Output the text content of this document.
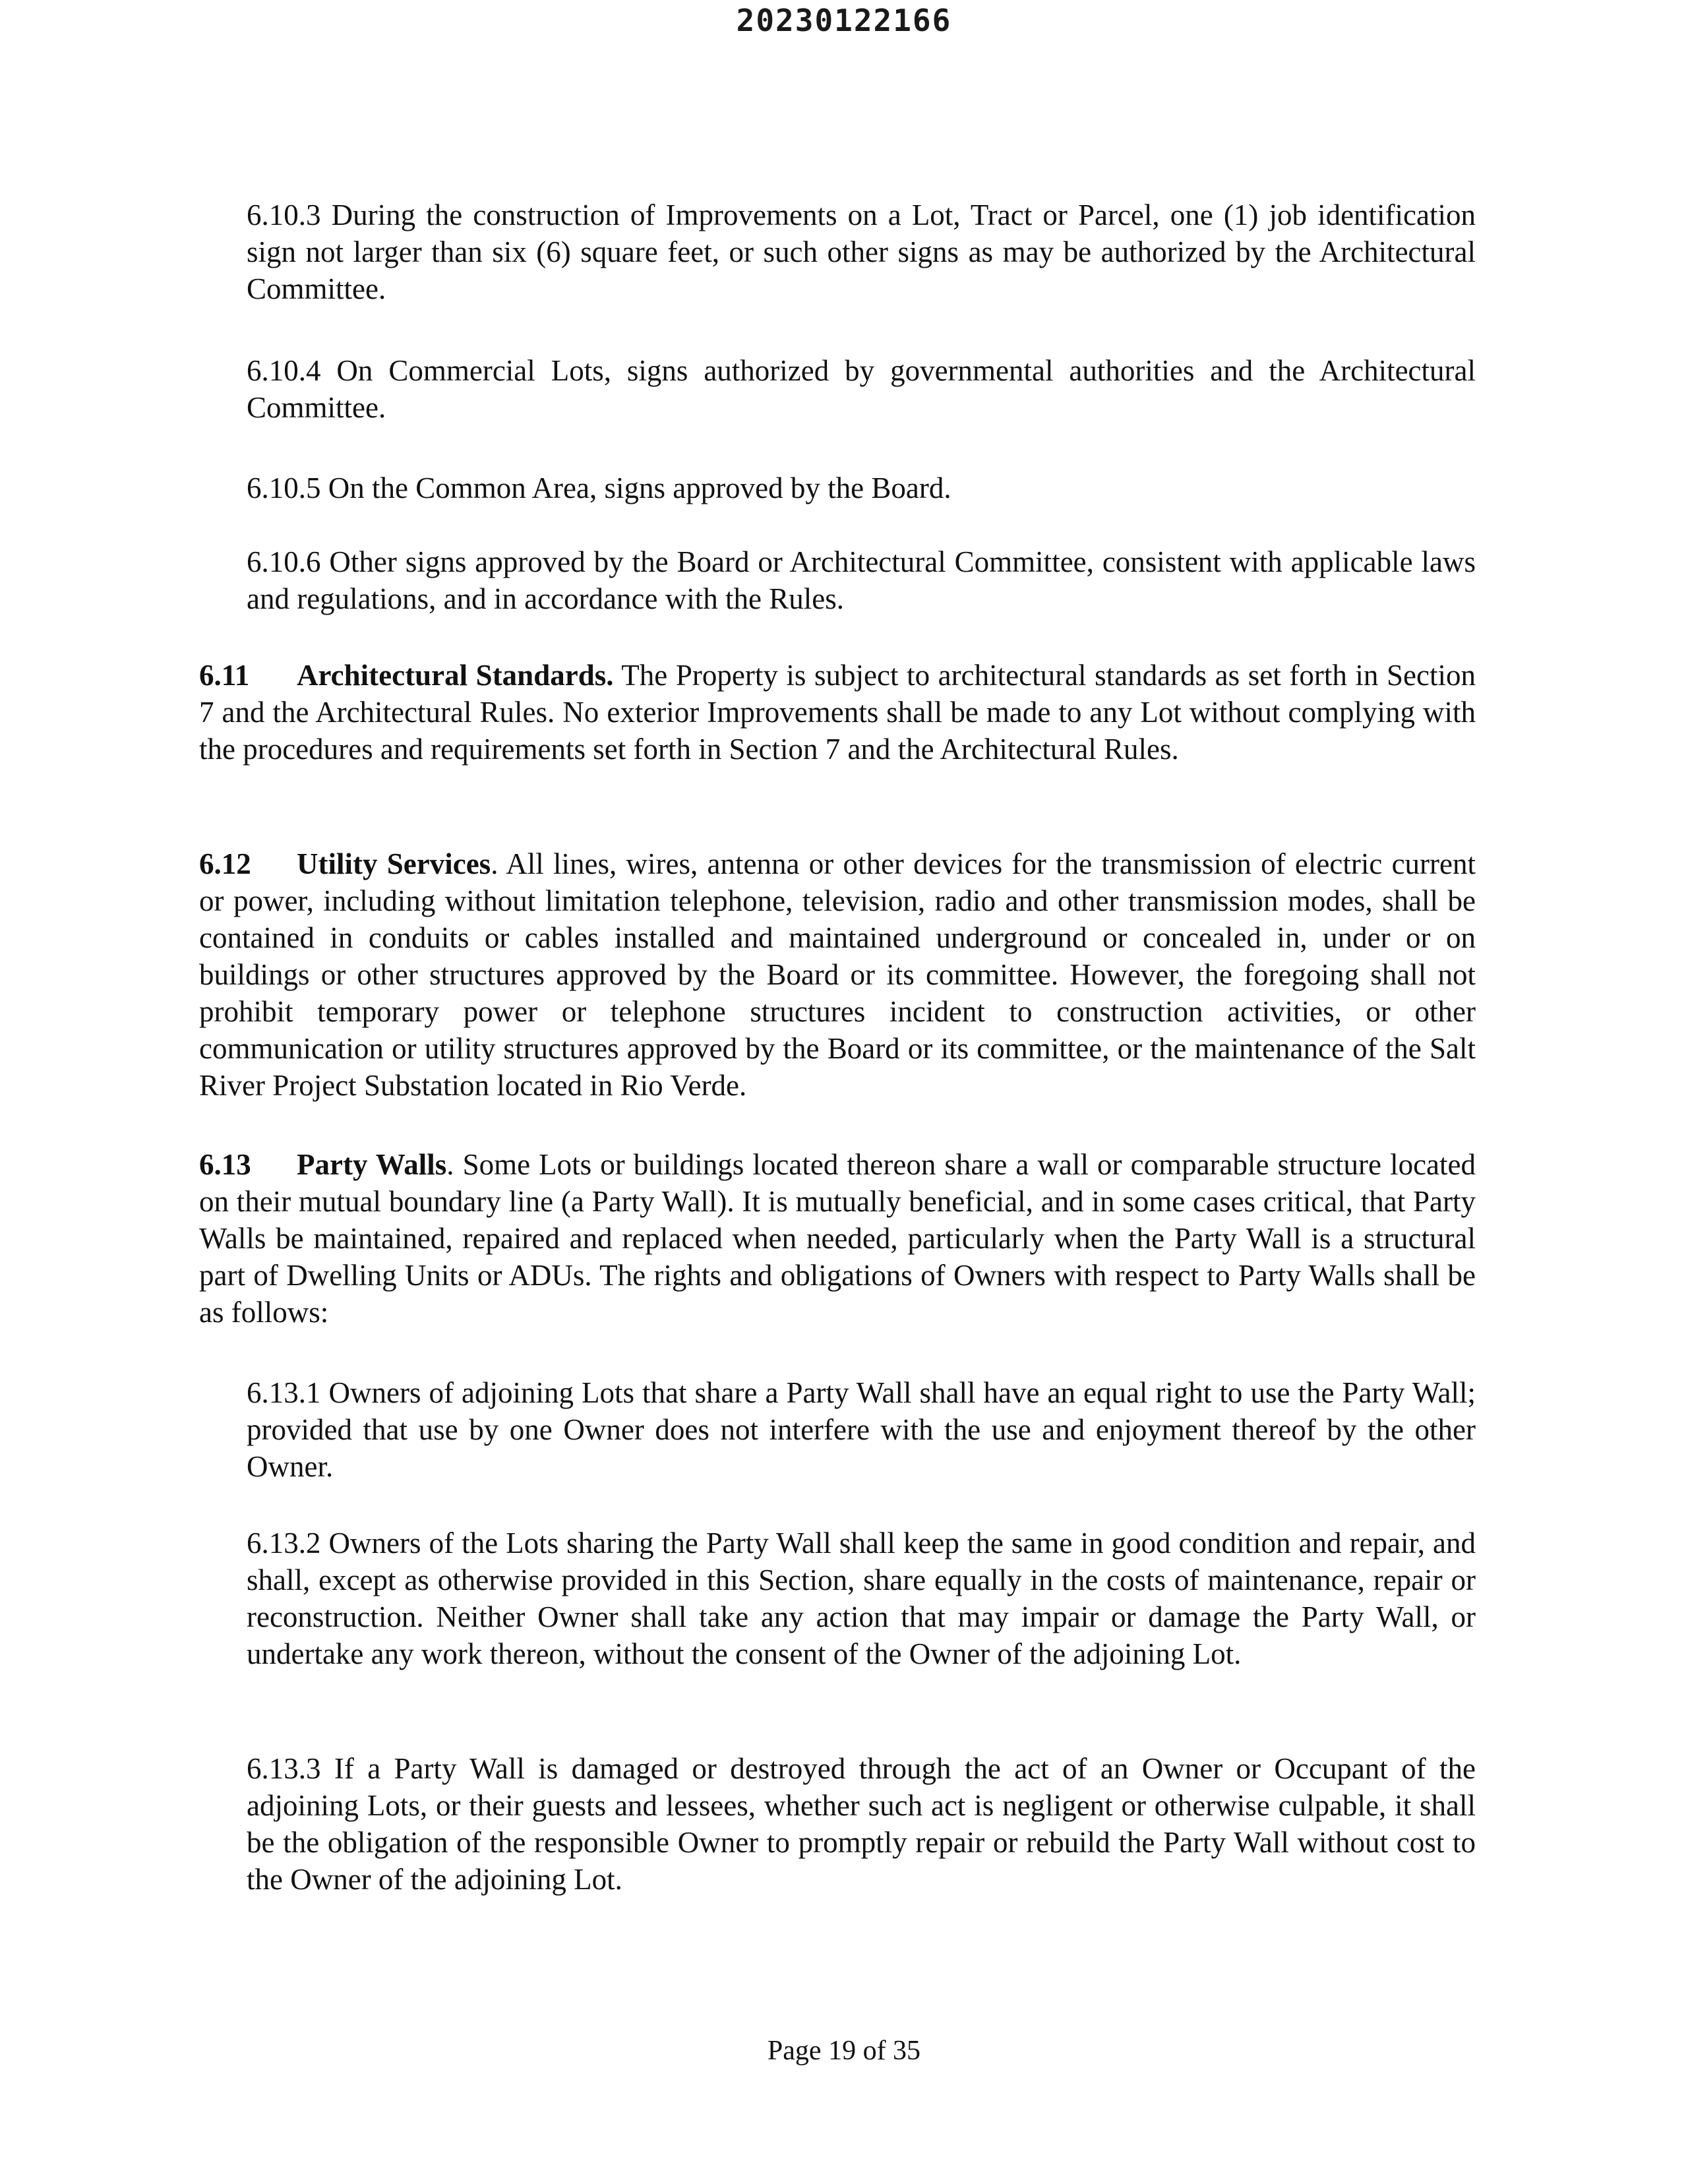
20230122166

6.10.3 During the construction of Improvements on a Lot, Tract or Parcel, one (1) job identification sign not larger than six (6) square feet, or such other signs as may be authorized by the Architectural Committee.

6.10.4 On Commercial Lots, signs authorized by governmental authorities and the Architectural Committee.

6.10.5 On the Common Area, signs approved by the Board.

6.10.6 Other signs approved by the Board or Architectural Committee, consistent with applicable laws and regulations, and in accordance with the Rules.

6.11 Architectural Standards. The Property is subject to architectural standards as set forth in Section 7 and the Architectural Rules. No exterior Improvements shall be made to any Lot without complying with the procedures and requirements set forth in Section 7 and the Architectural Rules.

6.12 Utility Services. All lines, wires, antenna or other devices for the transmission of electric current or power, including without limitation telephone, television, radio and other transmission modes, shall be contained in conduits or cables installed and maintained underground or concealed in, under or on buildings or other structures approved by the Board or its committee. However, the foregoing shall not prohibit temporary power or telephone structures incident to construction activities, or other communication or utility structures approved by the Board or its committee, or the maintenance of the Salt River Project Substation located in Rio Verde.

6.13 Party Walls. Some Lots or buildings located thereon share a wall or comparable structure located on their mutual boundary line (a Party Wall). It is mutually beneficial, and in some cases critical, that Party Walls be maintained, repaired and replaced when needed, particularly when the Party Wall is a structural part of Dwelling Units or ADUs. The rights and obligations of Owners with respect to Party Walls shall be as follows:

6.13.1 Owners of adjoining Lots that share a Party Wall shall have an equal right to use the Party Wall; provided that use by one Owner does not interfere with the use and enjoyment thereof by the other Owner.

6.13.2 Owners of the Lots sharing the Party Wall shall keep the same in good condition and repair, and shall, except as otherwise provided in this Section, share equally in the costs of maintenance, repair or reconstruction. Neither Owner shall take any action that may impair or damage the Party Wall, or undertake any work thereon, without the consent of the Owner of the adjoining Lot.

6.13.3 If a Party Wall is damaged or destroyed through the act of an Owner or Occupant of the adjoining Lots, or their guests and lessees, whether such act is negligent or otherwise culpable, it shall be the obligation of the responsible Owner to promptly repair or rebuild the Party Wall without cost to the Owner of the adjoining Lot.

Page 19 of 35
